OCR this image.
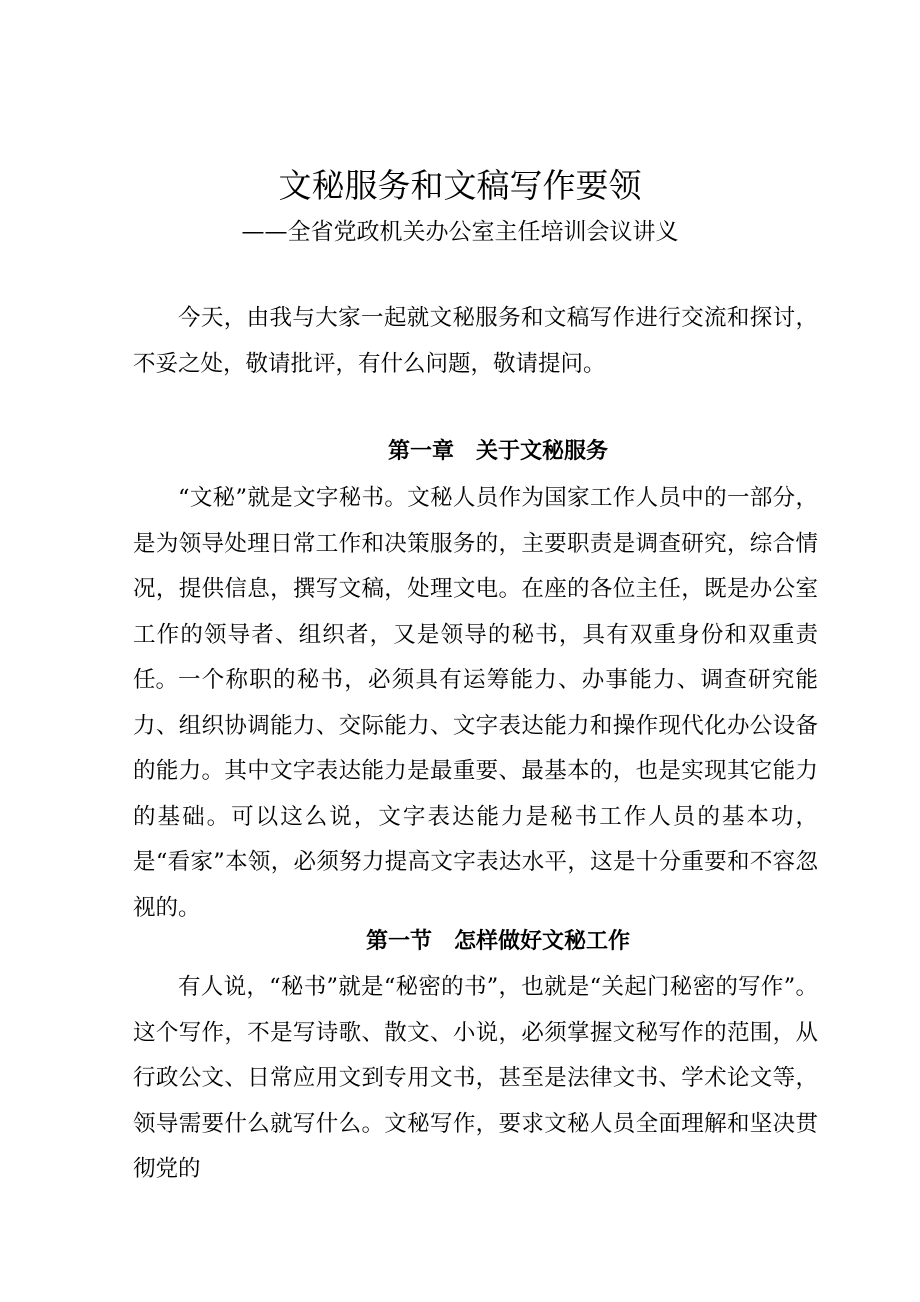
文秘服务和文稿写作要领
——全省党政机关办公室主任培训会议讲义
今天，由我与大家一起就文秘服务和文稿写作进行交流和探讨，不妥之处，敬请批评，有什么问题，敬请提问。
第一章　关于文秘服务
“文秘”就是文字秘书。文秘人员作为国家工作人员中的一部分，是为领导处理日常工作和决策服务的，主要职责是调查研究，综合情况，提供信息，撰写文稿，处理文电。在座的各位主任，既是办公室工作的领导者、组织者，又是领导的秘书，具有双重身份和双重责任。 一个称职的秘书，必须具有运筹能力、办事能力、调查研究能力、组织协调能力、交际能力、文字表达能力和操作现代化办公设备的能力。其中文字表达能力是最重要、最基本的，也是实现其它能力的基础。可以这么说，文字表达能力是秘书工作人员的基本功，是“看家”本领，必须努力提高文字表达水平，这是十分重要和不容忽视的。
第一节　怎样做好文秘工作
有人说，“秘书”就是“秘密的书”，也就是“关起门秘密的写作”。这个写作，不是写诗歌、散文、小说，必须掌握文秘写作的范围，从行政公文、日常应用文到专用文书，甚至是法律文书、学术论文等，领导需要什么就写什么。文秘写作，要求文秘人员全面理解和坚决贯彻党的
